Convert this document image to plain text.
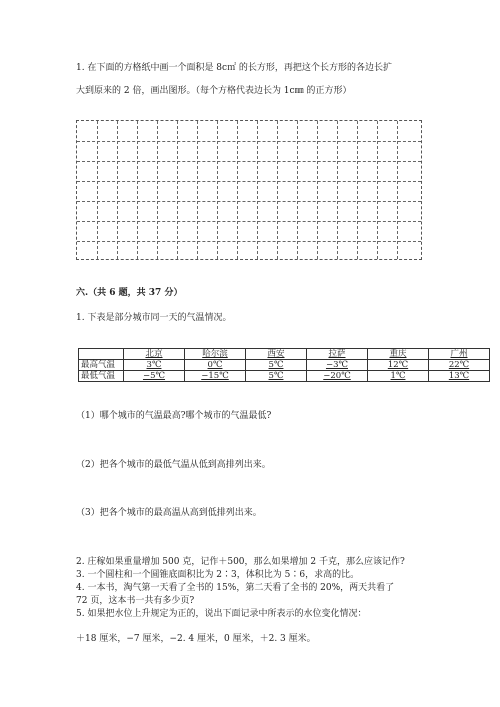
1. 在下面的方格纸中画一个面积是 8c㎡ 的长方形，再把这个长方形的各边长扩
大到原来的 2 倍，画出图形。（每个方格代表边长为 1c㎜ 的正方形）
六.（共 6 题，共 37 分）
1. 下表是部分城市同一天的气温情况。
	北京	哈尔滨	西安	拉萨	重庆	广州
最高气温	3℃	0℃	5℃	−3℃	12℃	22℃
最低气温	−5℃	−15℃	5℃	−20℃	1℃	13℃
（1）哪个城市的气温最高?哪个城市的气温最低?
（2）把各个城市的最低气温从低到高排列出来。
（3）把各个城市的最高温从高到低排列出来。
2. 庄稼如果重量增加 500 克，记作＋500，那么如果增加 2 千克，那么应该记作?
3. 一个圆柱和一个圆锥底面积比为 2∶3，体积比为 5∶6，求高的比。
4. 一本书，淘气第一天看了全书的 15%，第二天看了全书的 20%，两天共看了
72 页，这本书一共有多少页?
5. 如果把水位上升规定为正的，说出下面记录中所表示的水位变化情况：
＋18 厘米，−7 厘米，−2. 4 厘米，0 厘米，＋2. 3 厘米。
